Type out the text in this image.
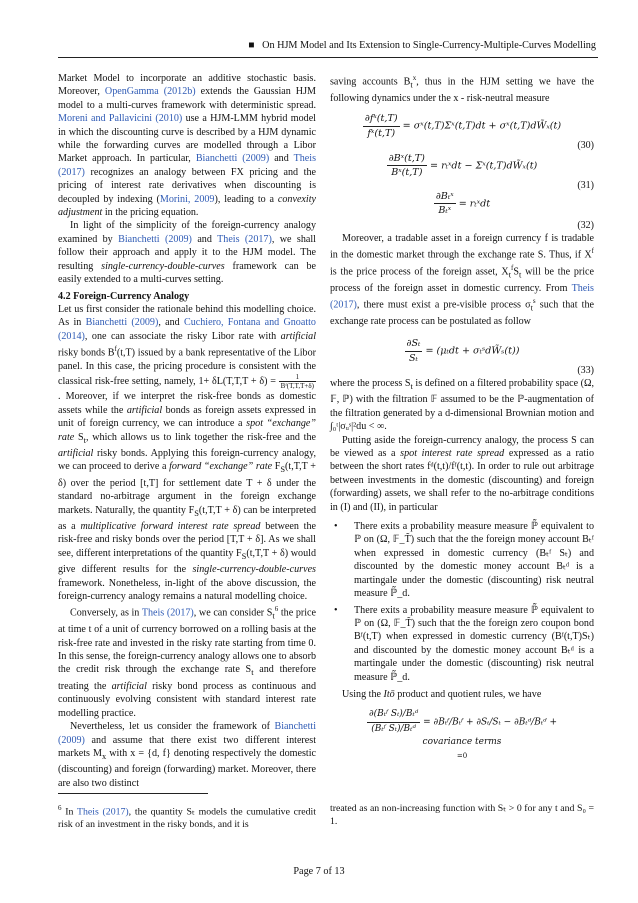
■ On HJM Model and Its Extension to Single-Currency-Multiple-Curves Modelling

Market Model to incorporate an additive stochastic basis. Moreover, OpenGamma (2012b) extends the Gaussian HJM model to a multi-curves framework with deterministic spread. Moreni and Pallavicini (2010) use a HJM-LMM hybrid model in which the discounting curve is described by a HJM dynamic while the forwarding curves are modelled through a Libor Market approach. In particular, Bianchetti (2009) and Theis (2017) recognizes an analogy between FX pricing and the pricing of interest rate derivatives when discounting is decoupled by indexing (Morini, 2009), leading to a convexity adjustment in the pricing equation.

In light of the simplicity of the foreign-currency analogy examined by Bianchetti (2009) and Theis (2017), we shall follow their approach and apply it to the HJM model. The resulting single-currency-double-curves framework can be easily extended to a multi-curves setting.

4.2 Foreign-Currency Analogy

Let us first consider the rationale behind this modelling choice. As in Bianchetti (2009), and Cuchiero, Fontana and Gnoatto (2014), one can associate the risky Libor rate with artificial risky bonds $B^f(t,T)$ issued by a bank representative of the Libor panel. In this case, the pricing procedure is consistent with the classical risk-free setting, namely, $1+ \delta L(T,T,T + \delta) = \frac{1}{\text{Bᶠ(T,T,T+δ)}}$
. Moreover, if we interpret the risk-free bonds as domestic assets while the artificial bonds as foreign assets expressed in unit of foreign currency, we can introduce a spot “exchange” rate $S_t$, which allows us to link together the risk-free and the artificial risky bonds. Applying this foreign-currency analogy, we can proceed to derive a forward “exchange” rate $F_S(t,T,T + \delta)$ over the period [t,T] for settlement date T + δ under the standard no-arbitrage argument in the foreign exchange markets. Naturally, the quantity $F_S(t,T,T + \delta)$ can be interpreted as a multiplicative forward interest rate spread between the risk-free and risky bonds over the period [T,T + δ]. As we shall see, different interpretations of the quantity $F_S(t,T,T + \delta)$ would give different results for the single-currency-double-curves framework. Nonetheless, in-light of the above discussion, the foreign-currency analogy remains a natural modelling choice.

Conversely, as in Theis (2017), we can consider $S_t^6$ the price at time t of a unit of currency borrowed on a rolling basis at the risk-free rate and invested in the risky rate starting from time 0. In this sense, the foreign-currency analogy allows one to absorb the credit risk through the exchange rate $S_t$ and therefore treating the artificial risky bond process as continuous and continuously evolving consistent with standard interest rate modelling practice.

Nevertheless, let us consider the framework of Bianchetti (2009) and assume that there exist two different interest markets $M_x$ with x = {d, f} denoting respectively the domestic (discounting) and foreign (forwarding) market. Moreover, there are also two distinct

saving accounts $B_t^x$, thus in the HJM setting we have the following dynamics under the x - risk-neutral measure

$\frac{\text{∂fˣ(t,T)}}{\text{fˣ(t,T)}}$ = σˣ(t,T)Σˣ(t,T)dt + σˣ(t,T)dW̃ₓ(t)
(30)
$\frac{\text{∂Bˣ(t,T)}}{\text{Bˣ(t,T)}}$ = rₜˣdt − Σˣ(t,T)dW̃ₓ(t)
(31)
$\frac{\text{∂Bₜˣ}}{\text{Bₜˣ}}$ = rₜˣdt
(32)

Moreover, a tradable asset in a foreign currency f is tradable in the domestic market through the exchange rate S. Thus, if $X^f$ is the price process of the foreign asset, $X_t^fS_t$ will be the price process of the foreign asset in domestic currency. From Theis (2017), there must exist a pre-visible process $\sigma_t^s$ such that the exchange rate process can be postulated as follow

$\frac{\text{∂Sₜ}}{\text{Sₜ}} = (\mu_tdt$ + σₜˢdW̃ₛ(t))
(33)

where the process $S_t$ is defined on a filtered probability space (Ω, 𝔽, ℙ) with the filtration 𝔽 assumed to be the ℙ-augmentation of the filtration generated by a d-dimensional Brownian motion and ∫₀ᵗ|σᵤˢ|²du < ∞.

Putting aside the foreign-currency analogy, the process S can be viewed as a spot interest rate spread expressed as a ratio between the short rates fᵈ(t,t)/fᶠ(t,t). In order to rule out arbitrage between investments in the domestic (discounting) and foreign (forwarding) assets, we shall refer to the no-arbitrage conditions in (I) and (II), in particular

• There exits a probability measure measure ℙ̃ equivalent to ℙ on (Ω, 𝔽_T̃) such that the the foreign money account Bₜᶠ when expressed in domestic currency (Bₜᶠ Sₜ) and discounted by the domestic money account Bₜᵈ is a martingale under the domestic (discounting) risk neutral measure ℙ̃_d.
• There exits a probability measure measure ℙ̃ equivalent to ℙ on (Ω, 𝔽_T̃) such that the the foreign zero coupon bond Bᶠ(t,T) when expressed in domestic currency (Bᶠ(t,T)Sₜ) and discounted by the domestic money account Bₜᵈ is a martingale under the domestic (discounting) risk neutral measure ℙ̃_d.

Using the Itō product and quotient rules, we have

$\frac{\text{∂(Bₜᶠ Sₜ)/Bₜᵈ}}{\text{(Bₜᶠ Sₜ)/Bₜᵈ}}$ = ∂Bₜᶠ/Bₜᶠ + ∂Sₜ/Sₜ − ∂Bₜᵈ/Bₜᵈ +
covariance terms
=0
$^6$ In Theis (2017), the quantity Sₜ models the cumulative credit risk of an investment in the risky bonds, and it is
treated as an non-increasing function with Sₜ > 0 for any t and S₀ = 1.
Page 7 of 13
